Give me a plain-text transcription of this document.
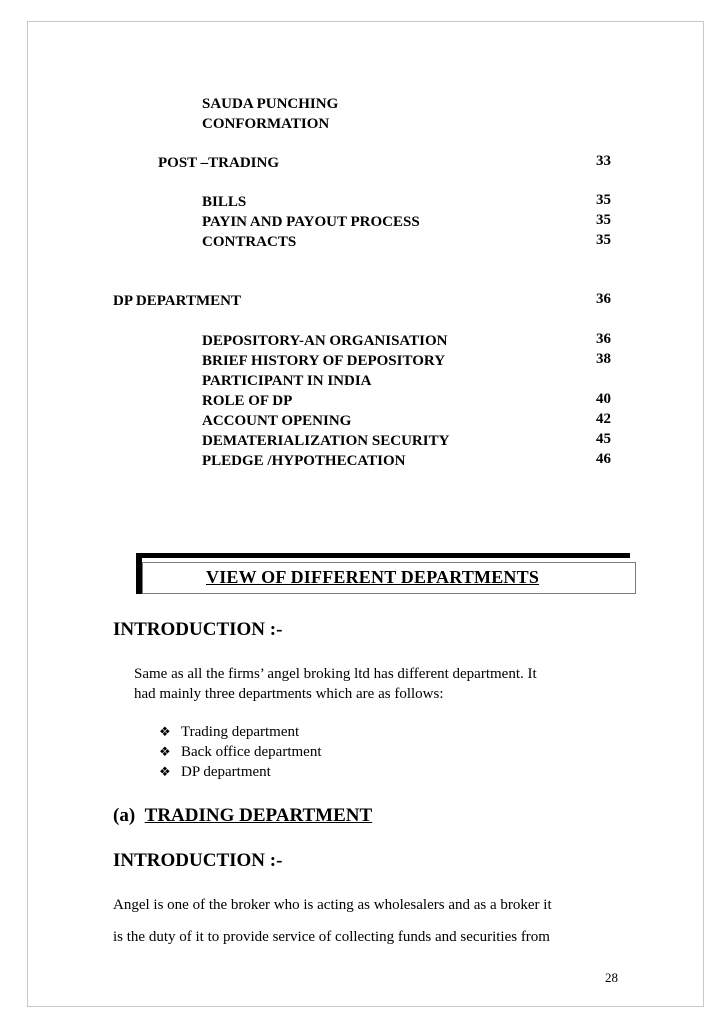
SAUDA PUNCHING
CONFORMATION
POST –TRADING	33
BILLS	35
PAYIN AND PAYOUT PROCESS	35
CONTRACTS	35
DP DEPARTMENT	36
DEPOSITORY-AN ORGANISATION	36
BRIEF HISTORY OF DEPOSITORY	38
PARTICIPANT IN INDIA
ROLE OF DP	40
ACCOUNT OPENING	42
DEMATERIALIZATION SECURITY	45
PLEDGE /HYPOTHECATION	46
VIEW OF DIFFERENT DEPARTMENTS
INTRODUCTION :-
Same as all the firms’ angel broking ltd has different department. It
had mainly three departments which are as follows:
❖ Trading department
❖ Back office department
❖ DP department
(a) TRADING DEPARTMENT
INTRODUCTION :-
Angel is one of the broker who is acting as wholesalers and as a broker it
is the duty of it to provide service of collecting funds and securities from
28
